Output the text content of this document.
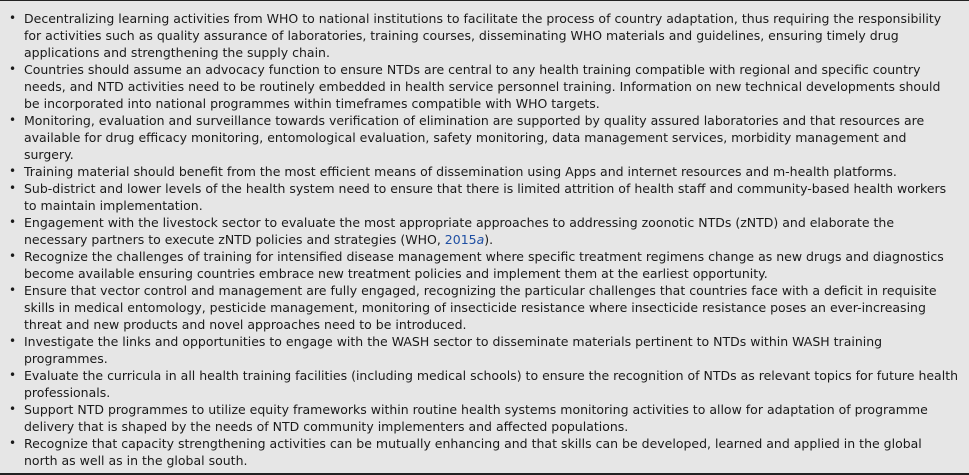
• Decentralizing learning activities from WHO to national institutions to facilitate the process of country adaptation, thus requiring the responsibility for activities such as quality assurance of laboratories, training courses, disseminating WHO materials and guidelines, ensuring timely drug applications and strengthening the supply chain.
• Countries should assume an advocacy function to ensure NTDs are central to any health training compatible with regional and specific country needs, and NTD activities need to be routinely embedded in health service personnel training. Information on new technical developments should be incorporated into national programmes within timeframes compatible with WHO targets.
• Monitoring, evaluation and surveillance towards verification of elimination are supported by quality assured laboratories and that resources are available for drug efficacy monitoring, entomological evaluation, safety monitoring, data management services, morbidity management and surgery.
• Training material should benefit from the most efficient means of dissemination using Apps and internet resources and m-health platforms.
• Sub-district and lower levels of the health system need to ensure that there is limited attrition of health staff and community-based health workers to maintain implementation.
• Engagement with the livestock sector to evaluate the most appropriate approaches to addressing zoonotic NTDs (zNTD) and elaborate the necessary partners to execute zNTD policies and strategies (WHO, 2015a).
• Recognize the challenges of training for intensified disease management where specific treatment regimens change as new drugs and diagnostics become available ensuring countries embrace new treatment policies and implement them at the earliest opportunity.
• Ensure that vector control and management are fully engaged, recognizing the particular challenges that countries face with a deficit in requisite skills in medical entomology, pesticide management, monitoring of insecticide resistance where insecticide resistance poses an ever-increasing threat and new products and novel approaches need to be introduced.
• Investigate the links and opportunities to engage with the WASH sector to disseminate materials pertinent to NTDs within WASH training programmes.
• Evaluate the curricula in all health training facilities (including medical schools) to ensure the recognition of NTDs as relevant topics for future health professionals.
• Support NTD programmes to utilize equity frameworks within routine health systems monitoring activities to allow for adaptation of programme delivery that is shaped by the needs of NTD community implementers and affected populations.
• Recognize that capacity strengthening activities can be mutually enhancing and that skills can be developed, learned and applied in the global north as well as in the global south.
